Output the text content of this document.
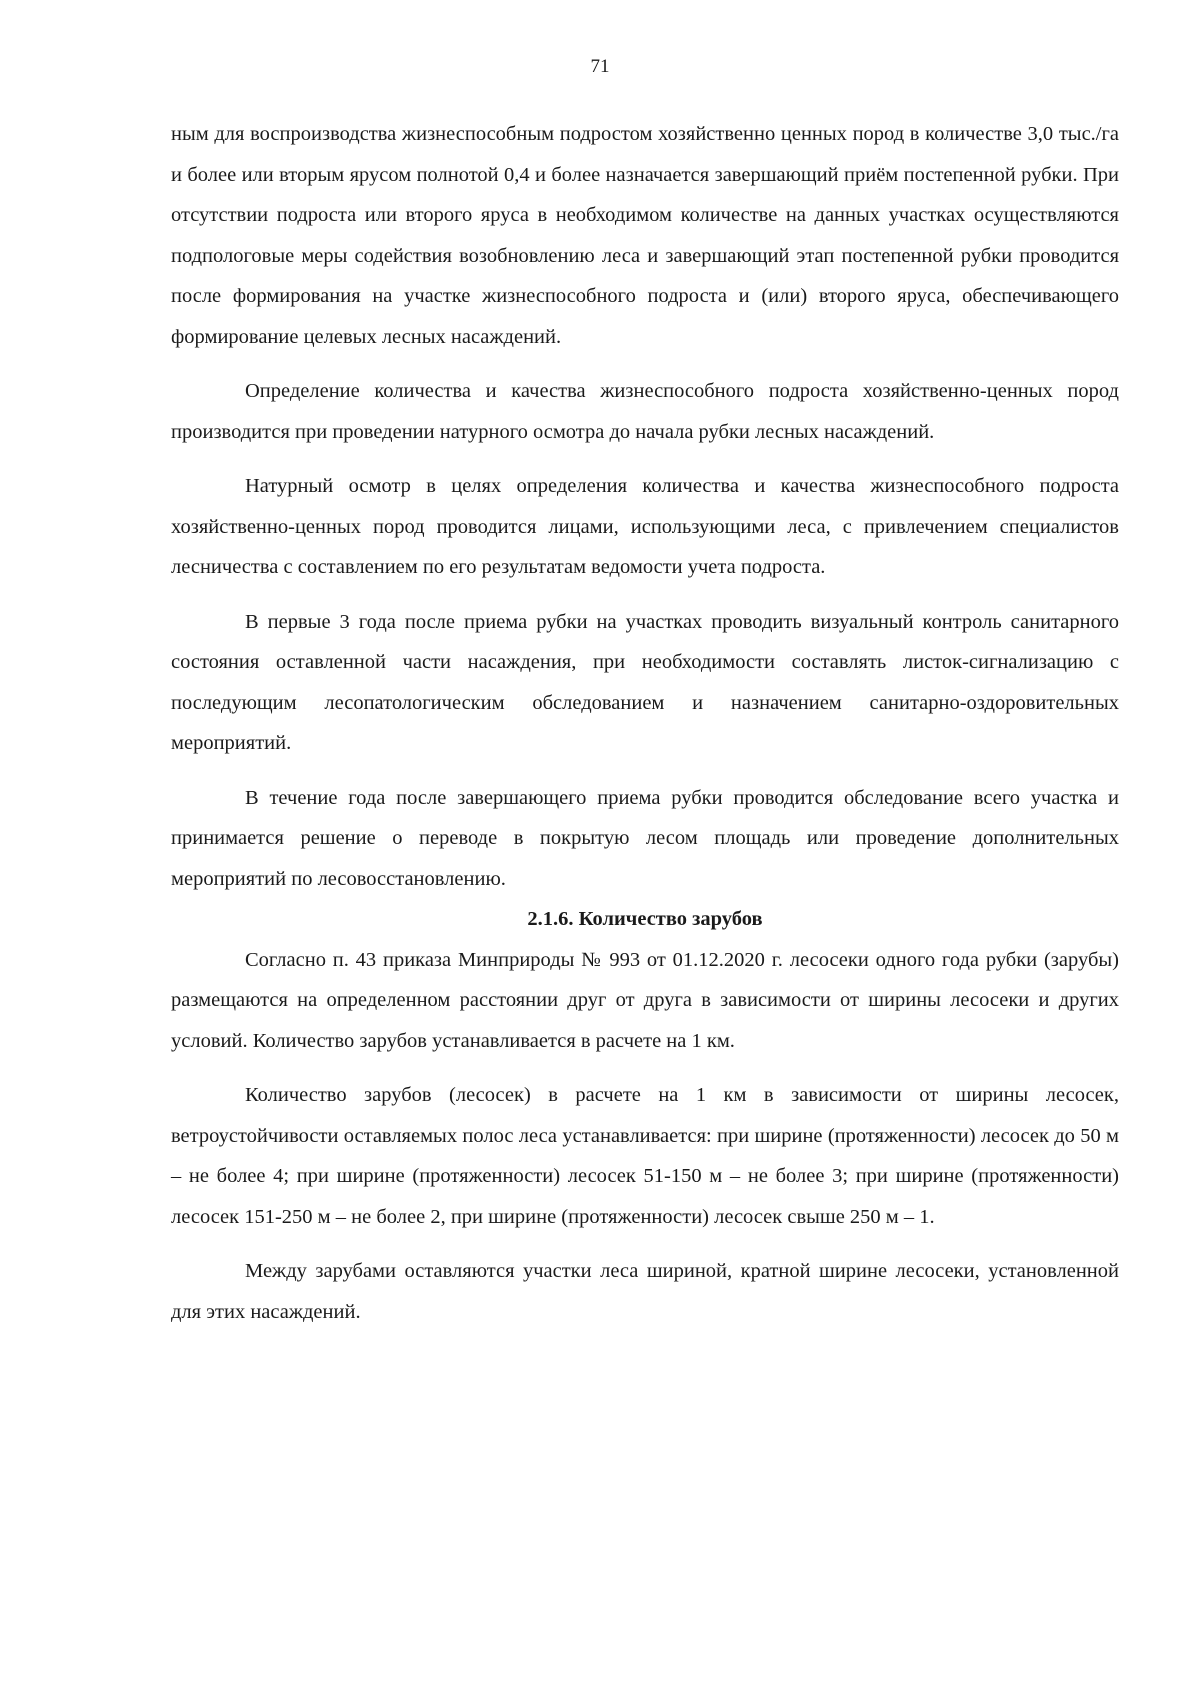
71

ным для воспроизводства жизнеспособным подростом хозяйственно ценных пород в количестве 3,0 тыс./га и более или вторым ярусом полнотой 0,4 и более назначается завершающий приём постепенной рубки. При отсутствии подроста или второго яруса в необходимом количестве на данных участках осуществляются подпологовые меры содействия возобновлению леса и завершающий этап постепенной рубки проводится после формирования на участке жизнеспособного подроста и (или) второго яруса, обеспечивающего формирование целевых лесных насаждений.

Определение количества и качества жизнеспособного подроста хозяйственно-ценных пород производится при проведении натурного осмотра до начала рубки лесных насаждений.

Натурный осмотр в целях определения количества и качества жизнеспособного подроста хозяйственно-ценных пород проводится лицами, использующими леса, с привлечением специалистов лесничества с составлением по его результатам ведомости учета подроста.

В первые 3 года после приема рубки на участках проводить визуальный контроль санитарного состояния оставленной части насаждения, при необходимости составлять листок-сигнализацию с последующим лесопатологическим обследованием и назначением санитарно-оздоровительных мероприятий.

В течение года после завершающего приема рубки проводится обследование всего участка и принимается решение о переводе в покрытую лесом площадь или проведение дополнительных мероприятий по лесовосстановлению.

2.1.6. Количество зарубов

Согласно п. 43 приказа Минприроды № 993 от 01.12.2020 г. лесосеки одного года рубки (зарубы) размещаются на определенном расстоянии друг от друга в зависимости от ширины лесосеки и других условий. Количество зарубов устанавливается в расчете на 1 км.

Количество зарубов (лесосек) в расчете на 1 км в зависимости от ширины лесосек, ветроустойчивости оставляемых полос леса устанавливается: при ширине (протяженности) лесосек до 50 м – не более 4; при ширине (протяженности) лесосек 51-150 м – не более 3; при ширине (протяженности) лесосек 151-250 м – не более 2, при ширине (протяженности) лесосек свыше 250 м – 1.

Между зарубами оставляются участки леса шириной, кратной ширине лесосеки, установленной для этих насаждений.
